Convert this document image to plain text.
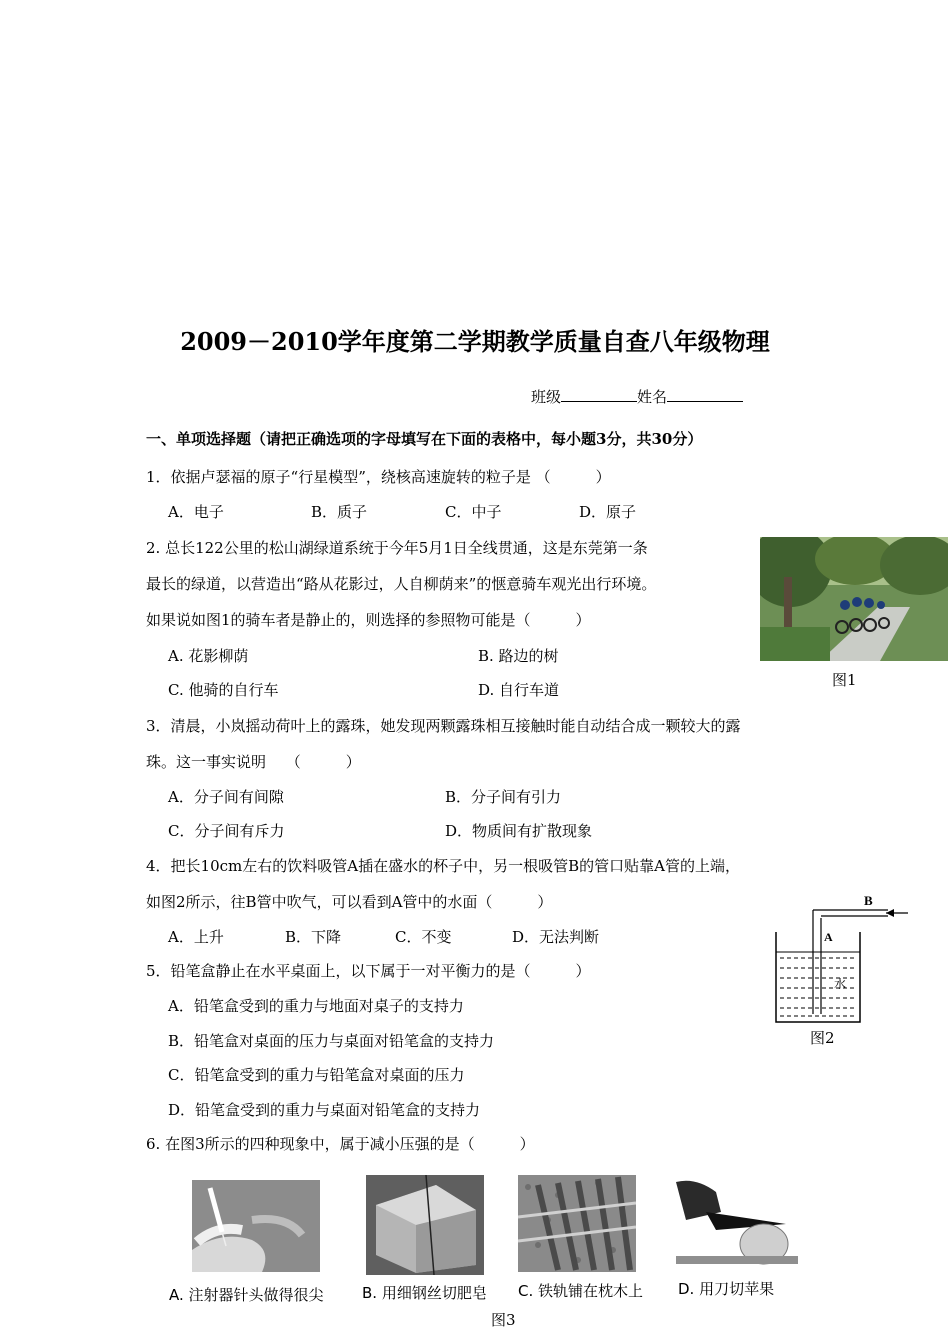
2009－2010学年度第二学期教学质量自查八年级物理
班级	姓名
一、单项选择题（请把正确选项的字母填写在下面的表格中，每小题3分，共30分）
1．依据卢瑟福的原子“行星模型”，绕核高速旋转的粒子是 （　　　）
A．电子	B．质子	C．中子	D．原子
2. 总长122公里的松山湖绿道系统于今年5月1日全线贯通，这是东莞第一条
最长的绿道，以营造出“路从花影过，人自柳荫来”的惬意骑车观光出行环境。
如果说如图1的骑车者是静止的，则选择的参照物可能是（　　　）
A. 花影柳荫	B. 路边的树
C. 他骑的自行车	D. 自行车道
图1
3．清晨，小岚摇动荷叶上的露珠，她发现两颗露珠相互接触时能自动结合成一颗较大的露
珠。这一事实说明　 （　　　）
A．分子间有间隙	B．分子间有引力
C．分子间有斥力	D．物质间有扩散现象
4．把长10cm左右的饮料吸管A插在盛水的杯子中，另一根吸管B的管口贴靠A管的上端，
如图2所示，往B管中吹气，可以看到A管中的水面（　　　）
A．上升	B．下降	C．不变	D．无法判断
B
A
水
图2
5．铅笔盒静止在水平桌面上，以下属于一对平衡力的是（　　　）
A．铅笔盒受到的重力与地面对桌子的支持力
B．铅笔盒对桌面的压力与桌面对铅笔盒的支持力
C．铅笔盒受到的重力与铅笔盒对桌面的压力
D．铅笔盒受到的重力与桌面对铅笔盒的支持力
6. 在图3所示的四种现象中，属于减小压强的是（　　　）
A. 注射器针头做得很尖	B. 用细钢丝切肥皂 C. 铁轨铺在枕木上 D. 用刀切苹果
图3
